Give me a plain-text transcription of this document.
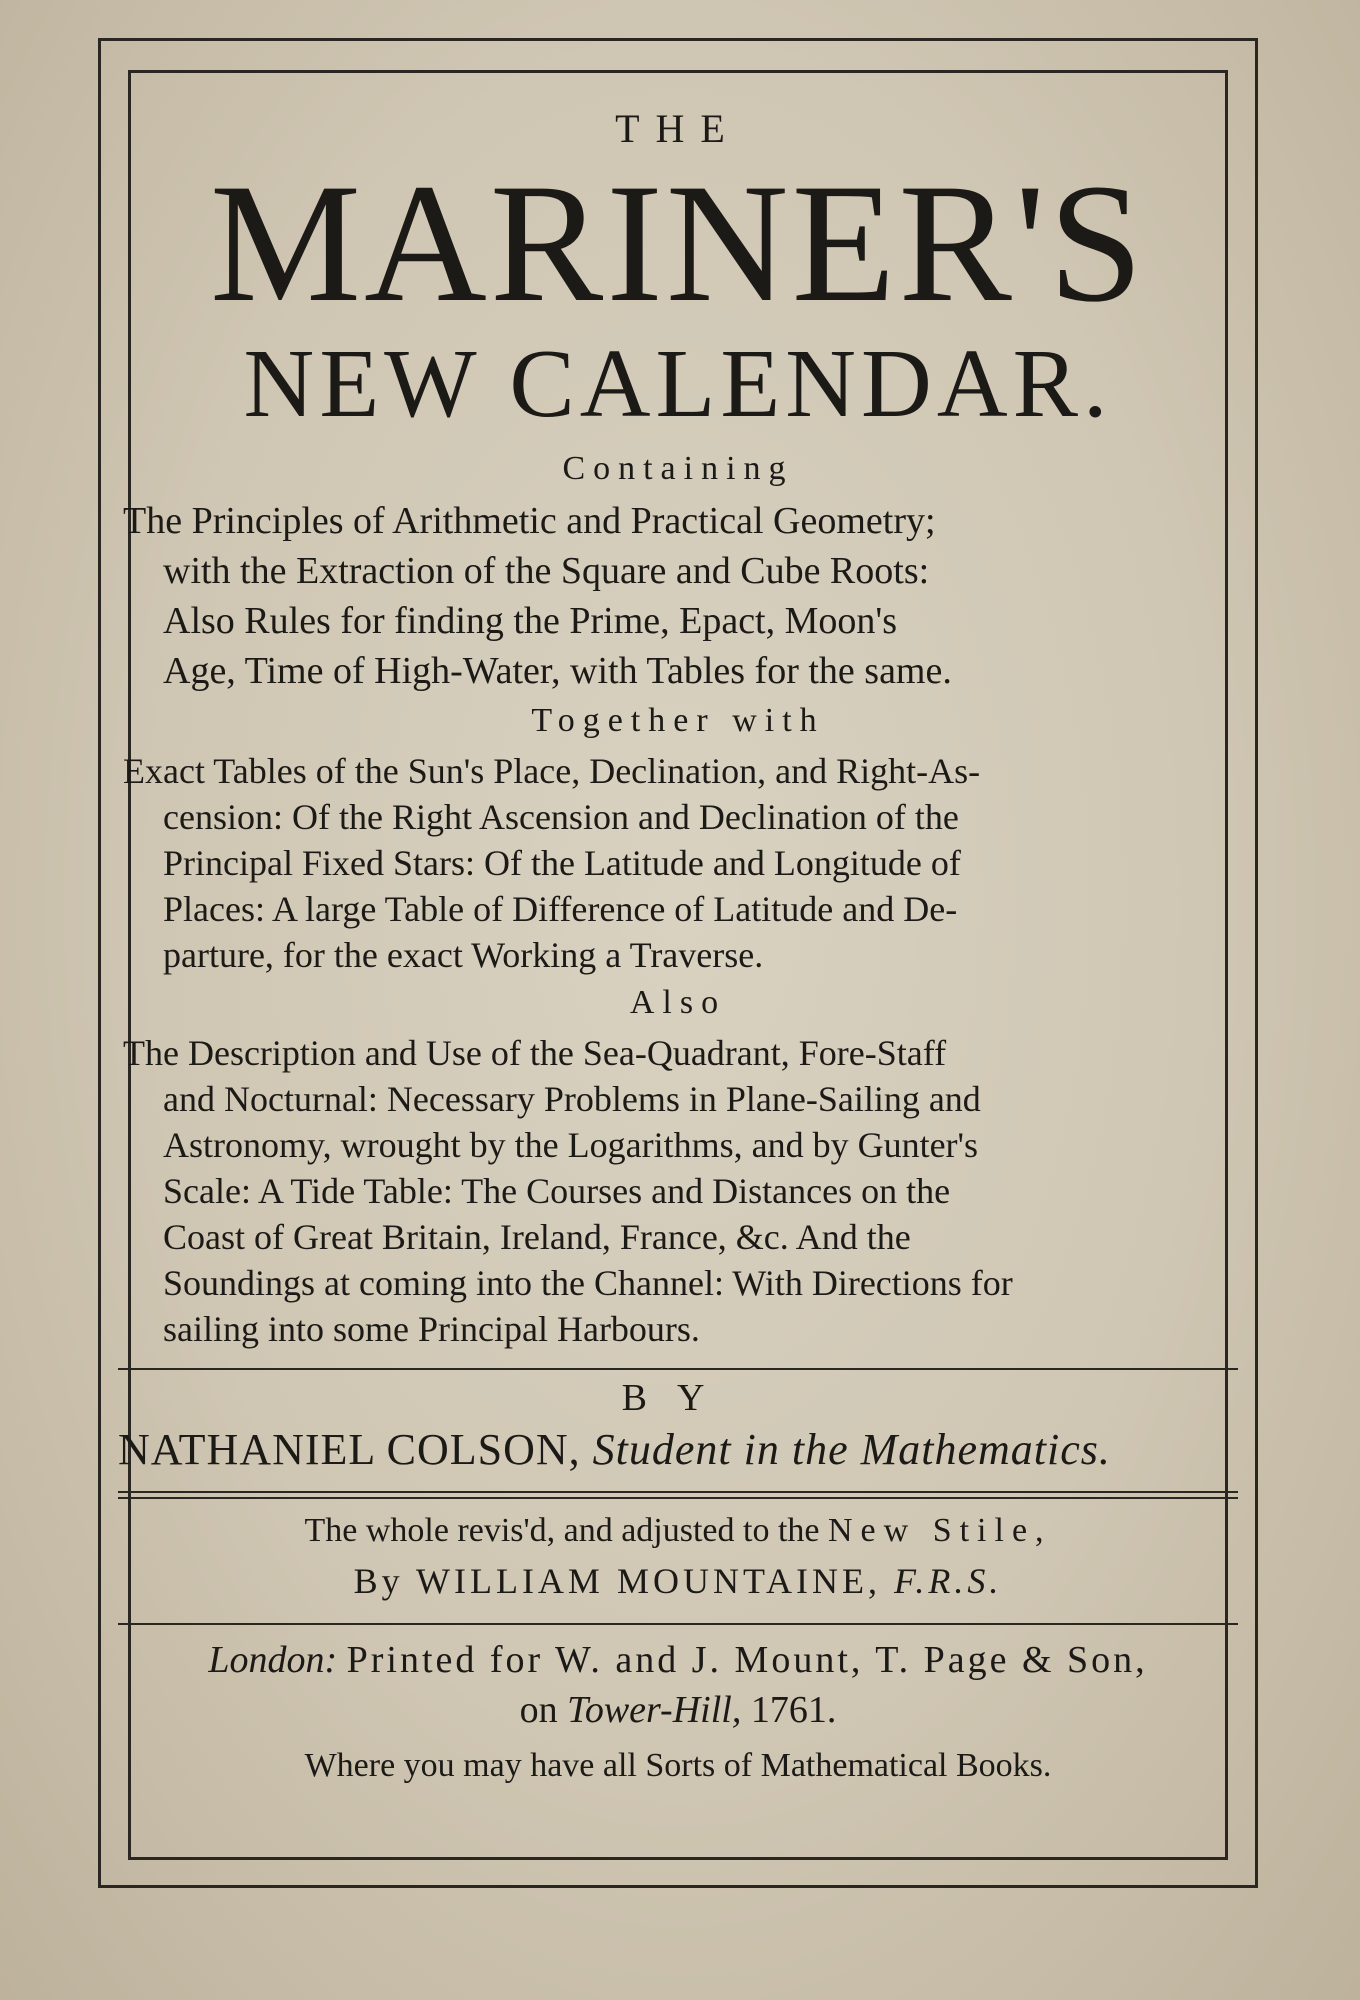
THE
MARINER'S
NEW CALENDAR.
Containing
The Principles of Arithmetic and Practical Geometry;
with the Extraction of the Square and Cube Roots:
Also Rules for finding the Prime, Epact, Moon's
Age, Time of High-Water, with Tables for the same.
Together with
Exact Tables of the Sun's Place, Declination, and Right-As-
cension: Of the Right Ascension and Declination of the
Principal Fixed Stars: Of the Latitude and Longitude of
Places: A large Table of Difference of Latitude and De-
parture, for the exact Working a Traverse.
Also
The Description and Use of the Sea-Quadrant, Fore-Staff
and Nocturnal: Necessary Problems in Plane-Sailing and
Astronomy, wrought by the Logarithms, and by Gunter's
Scale: A Tide Table: The Courses and Distances on the
Coast of Great Britain, Ireland, France, &c. And the
Soundings at coming into the Channel: With Directions for
sailing into some Principal Harbours.
BY
NATHANIEL COLSON, Student in the Mathematics.
The whole revis'd, and adjusted to the New Stile,
By WILLIAM MOUNTAINE, F.R.S.
London: Printed for W. and J. Mount, T. Page & Son,
on Tower-Hill, 1761.
Where you may have all Sorts of Mathematical Books.
